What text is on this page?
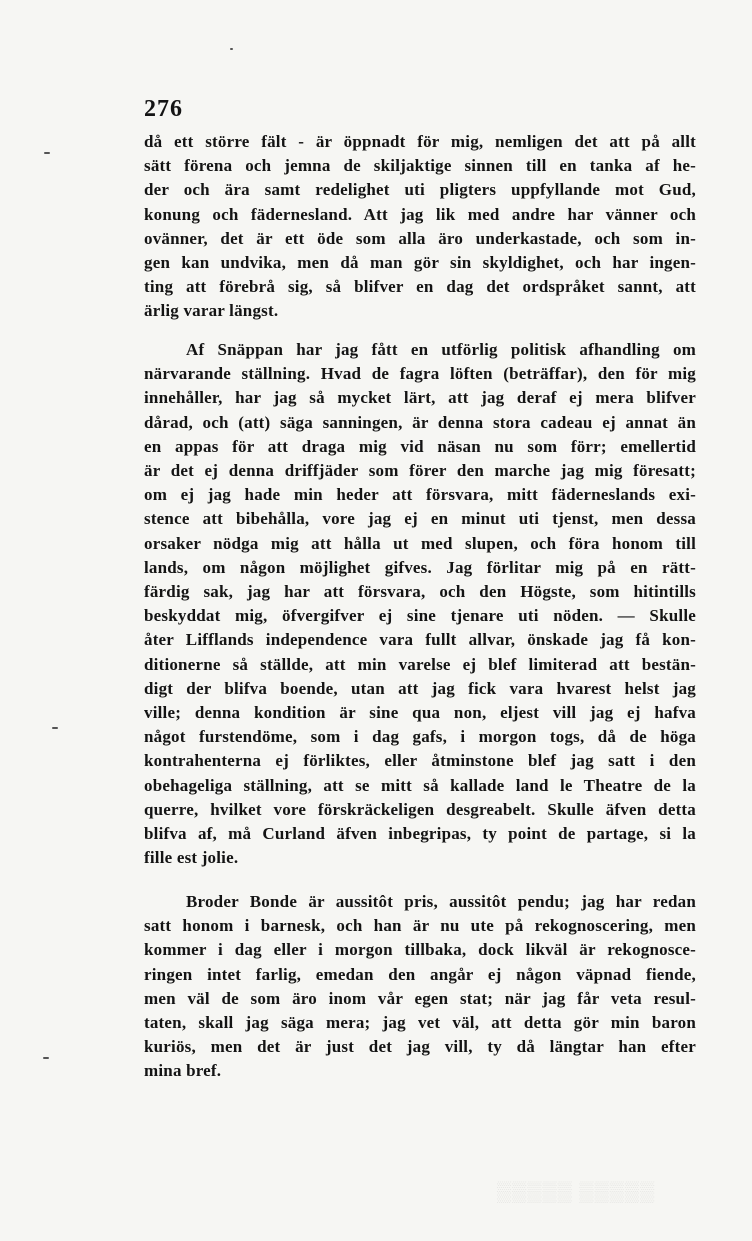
276
då ett större fält - är öppnadt för mig, nemligen det att på allt
sätt förena och jemna de skiljaktige sinnen till en tanka af he-
der och ära samt redelighet uti pligters uppfyllande mot Gud,
konung och fädernesland. Att jag lik med andre har vänner och
ovänner, det är ett öde som alla äro underkastade, och som in-
gen kan undvika, men då man gör sin skyldighet, och har ingen-
ting att förebrå sig, så blifver en dag det ordspråket sannt, att
ärlig varar längst.
Af Snäppan har jag fått en utförlig politisk afhandling om
närvarande ställning. Hvad de fagra löften (beträffar), den för mig
innehåller, har jag så mycket lärt, att jag deraf ej mera blifver
dårad, och (att) säga sanningen, är denna stora cadeau ej annat än
en appas för att draga mig vid näsan nu som förr; emellertid
är det ej denna driffjäder som förer den marche jag mig föresatt;
om ej jag hade min heder att försvara, mitt fäderneslands exi-
stence att bibehålla, vore jag ej en minut uti tjenst, men dessa
orsaker nödga mig att hålla ut med slupen, och föra honom till
lands, om någon möjlighet gifves. Jag förlitar mig på en rätt-
färdig sak, jag har att försvara, och den Högste, som hitintills
beskyddat mig, öfvergifver ej sine tjenare uti nöden. — Skulle
åter Lifflands independence vara fullt allvar, önskade jag få kon-
ditionerne så ställde, att min varelse ej blef limiterad att bestän-
digt der blifva boende, utan att jag fick vara hvarest helst jag
ville; denna kondition är sine qua non, eljest vill jag ej hafva
något furstendöme, som i dag gafs, i morgon togs, då de höga
kontrahenterna ej förliktes, eller åtminstone blef jag satt i den
obehageliga ställning, att se mitt så kallade land le Theatre de la
querre, hvilket vore förskräckeligen desgreabelt. Skulle äfven detta
blifva af, må Curland äfven inbegripas, ty point de partage, si la
fille est jolie.
Broder Bonde är aussitôt pris, aussitôt pendu; jag har redan
satt honom i barnesk, och han är nu ute på rekognoscering, men
kommer i dag eller i morgon tillbaka, dock likväl är rekognosce-
ringen intet farlig, emedan den angår ej någon väpnad fiende,
men väl de som äro inom vår egen stat; när jag får veta resul-
taten, skall jag säga mera; jag vet väl, att detta gör min baron
kuriös, men det är just det jag vill, ty då längtar han efter
mina bref.
▒▒▒▒▒ ▒▒▒▒▒
